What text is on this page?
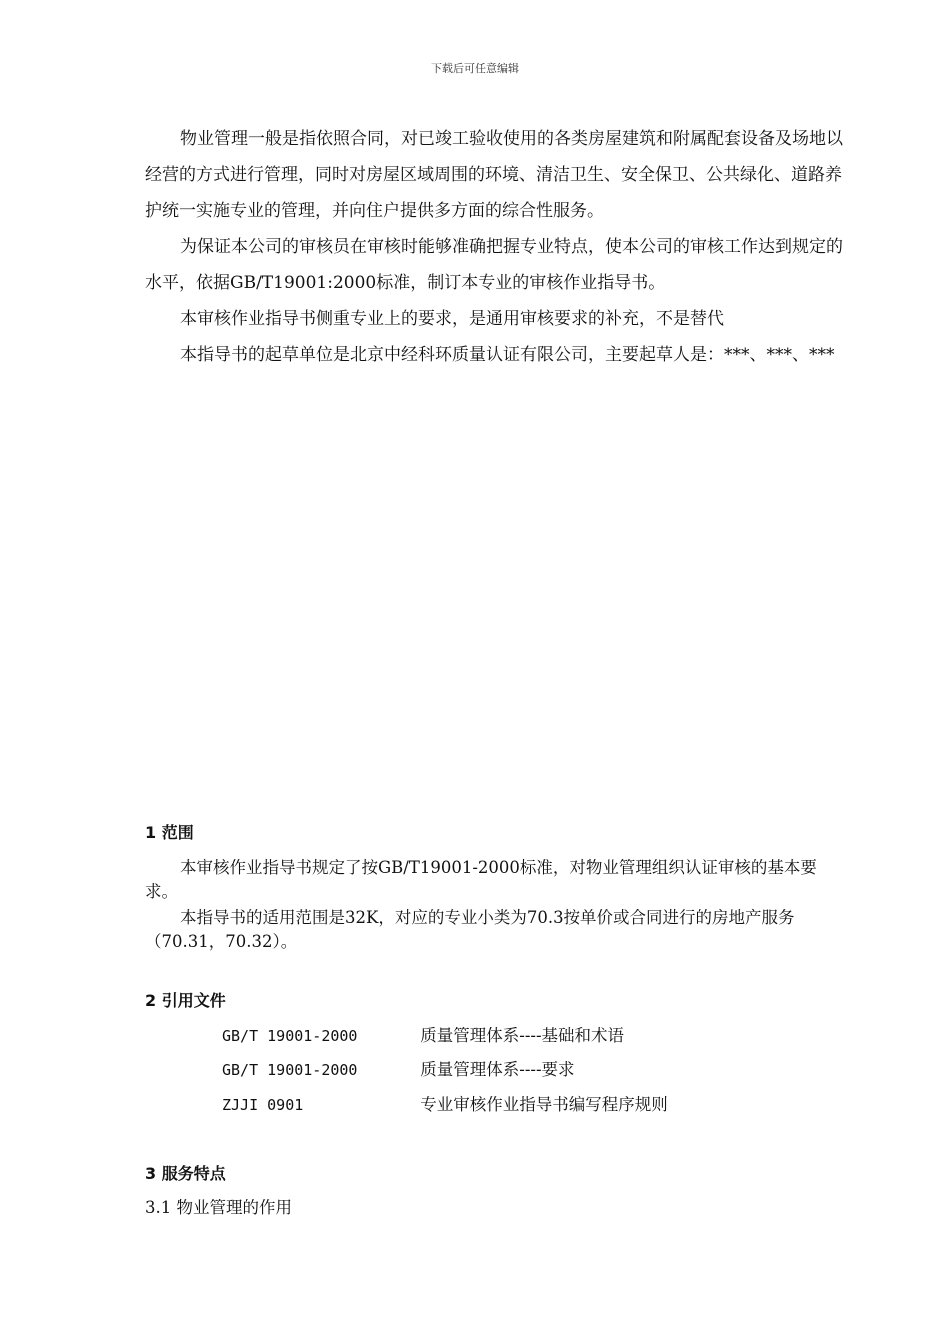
下载后可任意编辑

物业管理一般是指依照合同，对已竣工验收使用的各类房屋建筑和附属配套设备及场地以经营的方式进行管理，同时对房屋区域周围的环境、清洁卫生、安全保卫、公共绿化、道路养护统一实施专业的管理，并向住户提供多方面的综合性服务。

为保证本公司的审核员在审核时能够准确把握专业特点，使本公司的审核工作达到规定的水平，依据GB/T19001:2000标准，制订本专业的审核作业指导书。

本审核作业指导书侧重专业上的要求，是通用审核要求的补充，不是替代

本指导书的起草单位是北京中经科环质量认证有限公司，主要起草人是：***、***、***

1 范围

本审核作业指导书规定了按GB/T19001-2000标准，对物业管理组织认证审核的基本要求。

本指导书的适用范围是32K，对应的专业小类为70.3按单价或合同进行的房地产服务（70.31，70.32）。

2 引用文件
GB/T 19001-2000	质量管理体系----基础和术语
GB/T 19001-2000	质量管理体系----要求
ZJJI 0901	专业审核作业指导书编写程序规则
3 服务特点

3.1 物业管理的作用
